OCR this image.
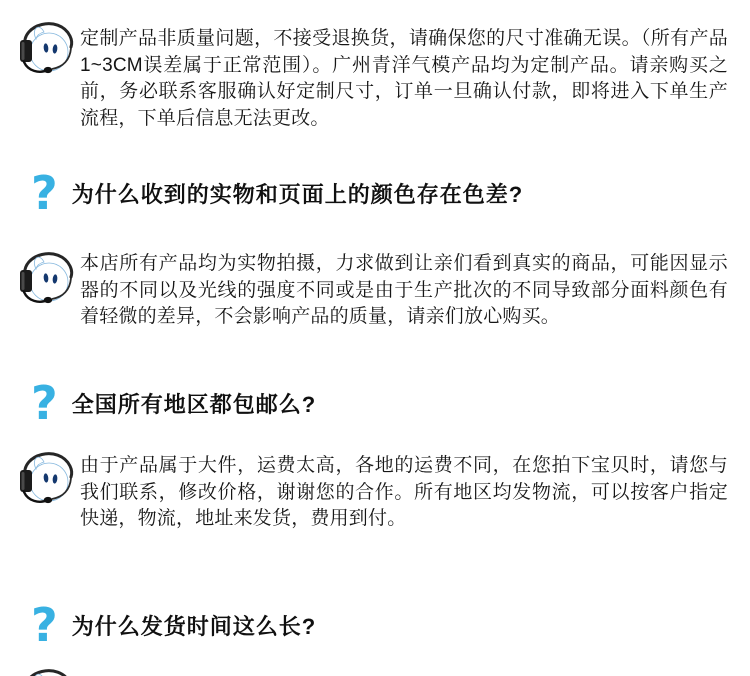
定制产品非质量问题，不接受退换货，请确保您的尺寸准确无误。（所有产品1~3CM误差属于正常范围）。广州青洋气模产品均为定制产品。请亲购买之前，务必联系客服确认好定制尺寸，订单一旦确认付款，即将进入下单生产流程，下单后信息无法更改。

? 为什么收到的实物和页面上的颜色存在色差?

本店所有产品均为实物拍摄，力求做到让亲们看到真实的商品，可能因显示器的不同以及光线的强度不同或是由于生产批次的不同导致部分面料颜色有着轻微的差异，不会影响产品的质量，请亲们放心购买。

? 全国所有地区都包邮么?

由于产品属于大件，运费太高，各地的运费不同，在您拍下宝贝时，请您与我们联系，修改价格，谢谢您的合作。所有地区均发物流，可以按客户指定快递，物流，地址来发货，费用到付。

? 为什么发货时间这么长?
